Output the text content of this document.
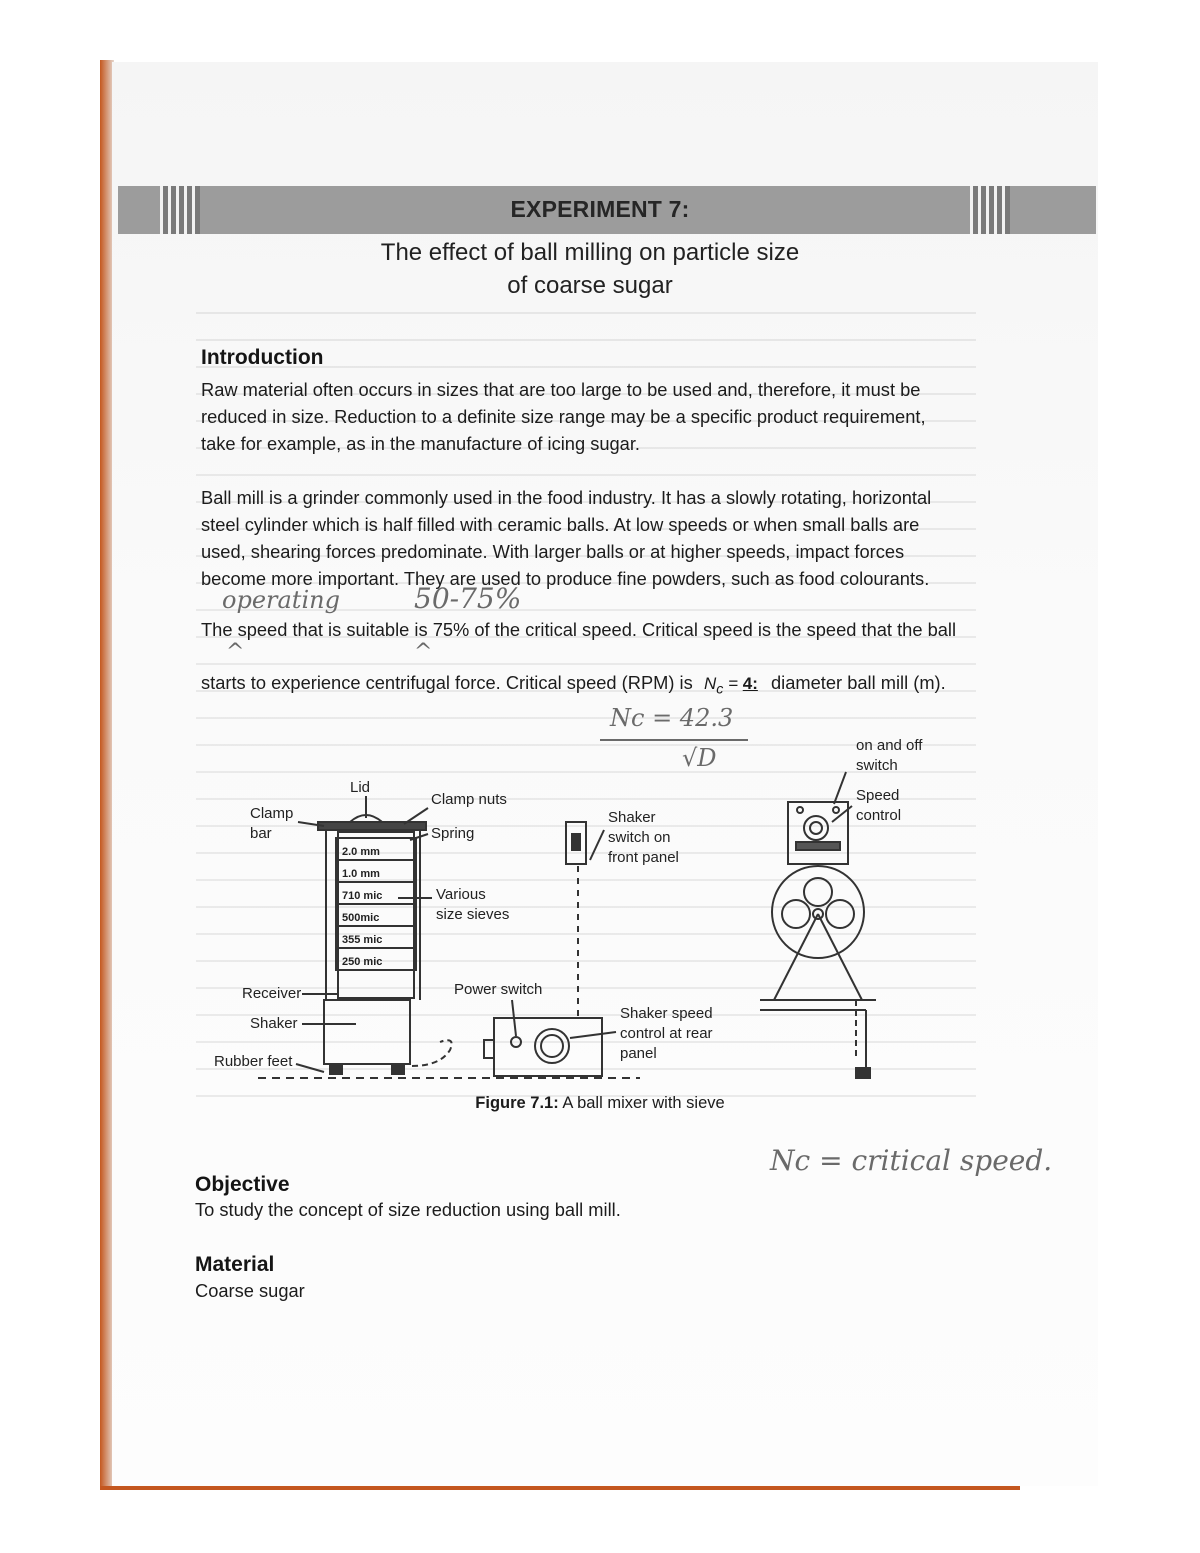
EXPERIMENT 7:
The effect of ball milling on particle size
of coarse sugar
Introduction

Raw material often occurs in sizes that are too large to be used and, therefore, it must be reduced in size. Reduction to a definite size range may be a specific product requirement, take for example, as in the manufacture of icing sugar.

Ball mill is a grinder commonly used in the food industry. It has a slowly rotating, horizontal steel cylinder which is half filled with ceramic balls. At low speeds or when small balls are used, shearing forces predominate. With larger balls or at higher speeds, impact forces become more important. They are used to produce fine powders, such as food colourants.

operating	50-75%

The speed that is suitable is 75% of the critical speed. Critical speed is the speed that the ball

^	^

starts to experience centrifugal force. Critical speed (RPM) is $N_c = 4$: diameter ball mill (m).

Nc = 42.3
√D
Lid
Clamp
bar
Clamp nuts
Spring
2.0 mm
1.0 mm
710 mic
500mic
355 mic
250 mic
Various
size sieves
Receiver
Shaker
Rubber feet
Shaker
switch on
front panel
Power switch
Shaker speed
control at rear
panel
on and off
switch
Speed
control
Figure 7.1: A ball mixer with sieve
Nc = critical speed.
Objective

To study the concept of size reduction using ball mill.

Material

Coarse sugar
